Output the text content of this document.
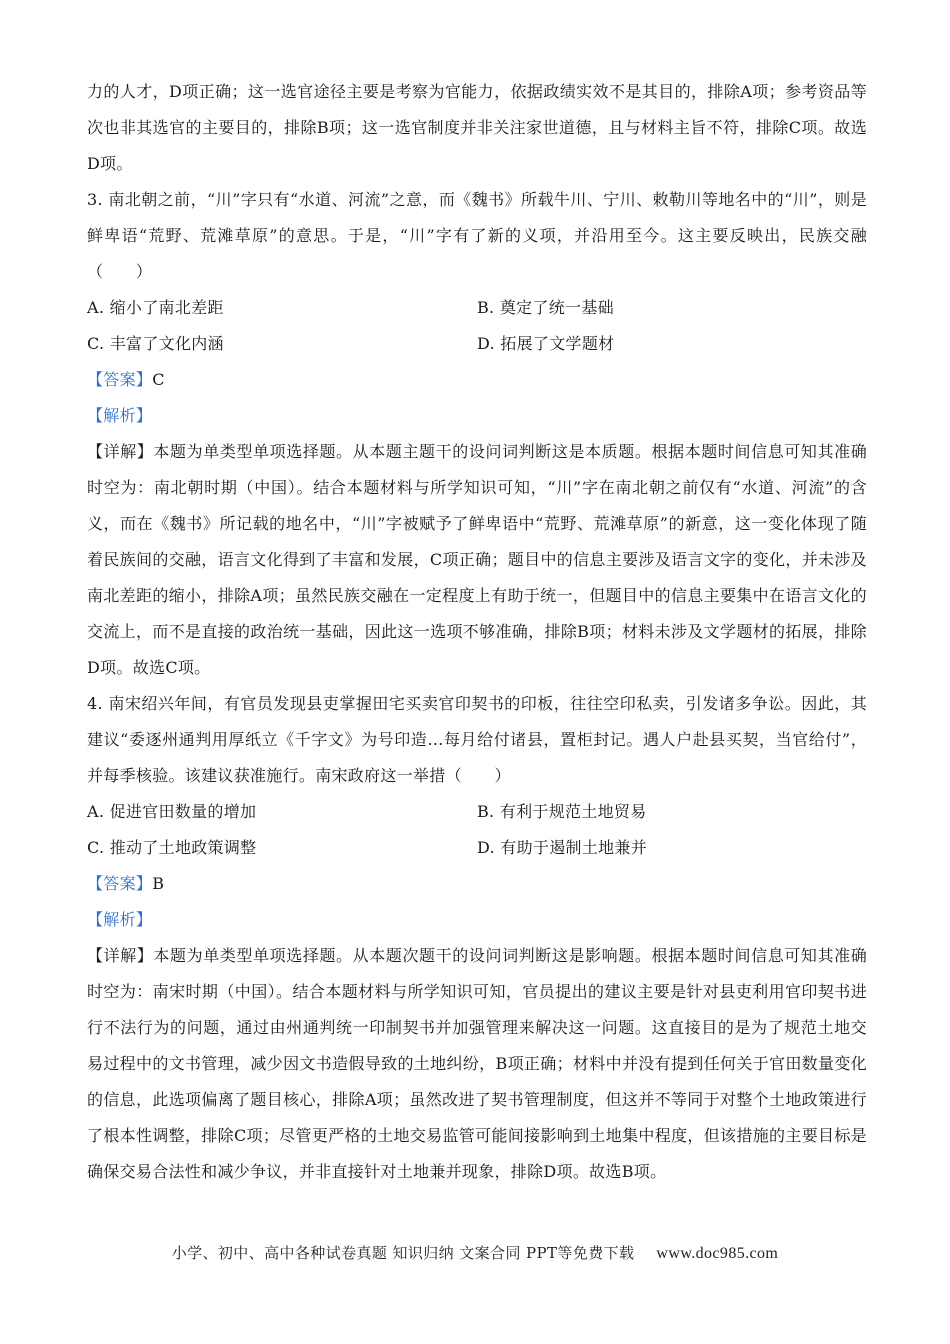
力的人才，D项正确；这一选官途径主要是考察为官能力，依据政绩实效不是其目的，排除A项；参考资品等次也非其选官的主要目的，排除B项；这一选官制度并非关注家世道德，且与材料主旨不符，排除C项。故选D项。

3. 南北朝之前，“川”字只有“水道、河流”之意，而《魏书》所载牛川、宁川、敕勒川等地名中的“川”，则是鲜卑语“荒野、荒滩草原”的意思。于是，“川”字有了新的义项，并沿用至今。这主要反映出，民族交融（　　）

A. 缩小了南北差距	B. 奠定了统一基础
C. 丰富了文化内涵	D. 拓展了文学题材

【答案】C

【解析】

【详解】本题为单类型单项选择题。从本题主题干的设问词判断这是本质题。根据本题时间信息可知其准确时空为：南北朝时期（中国）。结合本题材料与所学知识可知，“川”字在南北朝之前仅有“水道、河流”的含义，而在《魏书》所记载的地名中，“川”字被赋予了鲜卑语中“荒野、荒滩草原”的新意，这一变化体现了随着民族间的交融，语言文化得到了丰富和发展，C项正确；题目中的信息主要涉及语言文字的变化，并未涉及南北差距的缩小，排除A项；虽然民族交融在一定程度上有助于统一，但题目中的信息主要集中在语言文化的交流上，而不是直接的政治统一基础，因此这一选项不够准确，排除B项；材料未涉及文学题材的拓展，排除D项。故选C项。

4. 南宋绍兴年间，有官员发现县吏掌握田宅买卖官印契书的印板，往往空印私卖，引发诸多争讼。因此，其建议“委逐州通判用厚纸立《千字文》为号印造…每月给付诸县，置柜封记。遇人户赴县买契，当官给付”，并每季核验。该建议获准施行。南宋政府这一举措（　　）

A. 促进官田数量的增加	B. 有利于规范土地贸易
C. 推动了土地政策调整	D. 有助于遏制土地兼并

【答案】B

【解析】

【详解】本题为单类型单项选择题。从本题次题干的设问词判断这是影响题。根据本题时间信息可知其准确时空为：南宋时期（中国）。结合本题材料与所学知识可知，官员提出的建议主要是针对县吏利用官印契书进行不法行为的问题，通过由州通判统一印制契书并加强管理来解决这一问题。这直接目的是为了规范土地交易过程中的文书管理，减少因文书造假导致的土地纠纷，B项正确；材料中并没有提到任何关于官田数量变化的信息，此选项偏离了题目核心，排除A项；虽然改进了契书管理制度，但这并不等同于对整个土地政策进行了根本性调整，排除C项；尽管更严格的土地交易监管可能间接影响到土地集中程度，但该措施的主要目标是确保交易合法性和减少争议，并非直接针对土地兼并现象，排除D项。故选B项。

小学、初中、高中各种试卷真题 知识归纳 文案合同 PPT等免费下载 www.doc985.com
